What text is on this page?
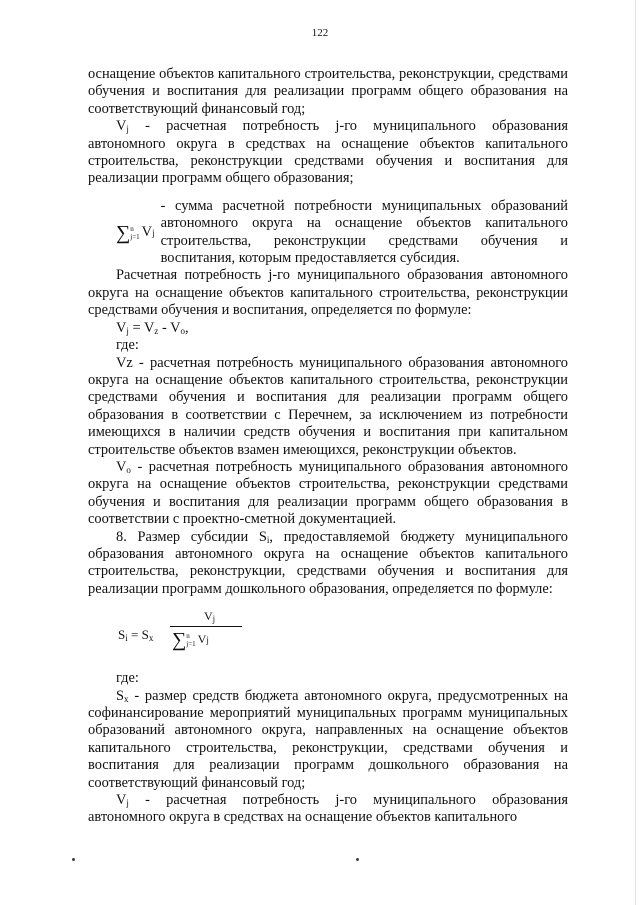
122

оснащение объектов капитального строительства, реконструкции, средствами обучения и воспитания для реализации программ общего образования на соответствующий финансовый год;

$V_j$ - расчетная потребность j-го муниципального образования автономного округа в средствах на оснащение объектов капитального строительства, реконструкции средствами обучения и воспитания для реализации программ общего образования;

∑ n
j=1 V j
- сумма расчетной потребности муниципальных образований автономного округа на оснащение объектов капитального строительства, реконструкции средствами обучения и воспитания, которым предоставляется субсидия.

Расчетная потребность j-го муниципального образования автономного округа на оснащение объектов капитального строительства, реконструкции средствами обучения и воспитания, определяется по формуле:

$V_j = V_z - V_o$,

где:

Vz - расчетная потребность муниципального образования автономного округа на оснащение объектов капитального строительства, реконструкции средствами обучения и воспитания для реализации программ общего образования в соответствии с Перечнем, за исключением из потребности имеющихся в наличии средств обучения и воспитания при капитальном строительстве объектов взамен имеющихся, реконструкции объектов.

$V_o$ - расчетная потребность муниципального образования автономного округа на оснащение объектов строительства, реконструкции средствами обучения и воспитания для реализации программ общего образования в соответствии с проектно-сметной документацией.

8. Размер субсидии $S_i$, предоставляемой бюджету муниципального образования автономного округа на оснащение объектов капитального строительства, реконструкции, средствами обучения и воспитания для реализации программ дошкольного образования, определяется по формуле:

$S_i = S_x$
$V_j$
∑ n
j=1 V j

где:

$S_x$ - размер средств бюджета автономного округа, предусмотренных на софинансирование мероприятий муниципальных программ муниципальных образований автономного округа, направленных на оснащение объектов капитального строительства, реконструкции, средствами обучения и воспитания для реализации программ дошкольного образования на соответствующий финансовый год;

$V_j$ - расчетная потребность j-го муниципального образования автономного округа в средствах на оснащение объектов капитального
